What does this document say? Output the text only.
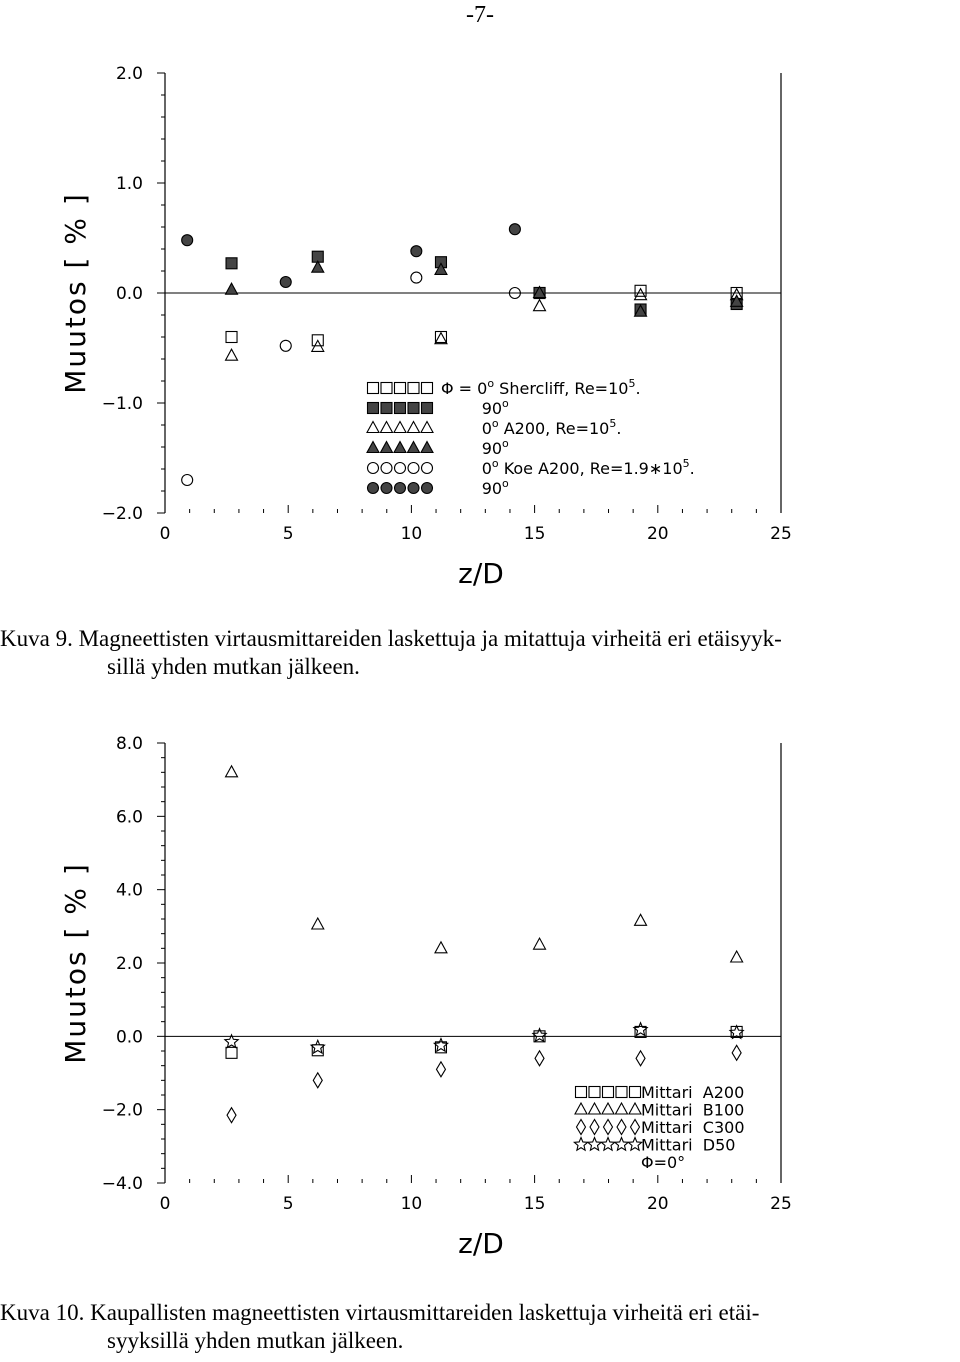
-7-
−2.0
−1.0
0.0
1.0
2.0
0	5	10	15	20	25
z/D
Muutos [ % ]	$\Phi = 0^o$ Shercliff, $Re=10^5$.
90$^o$
0$^o$ A200, $Re=10^5$.
90$^o$
0$^o$ Koe A200, $Re=1.9∗10^5$.
90$^o$
Kuva 9. Magneettisten virtausmittareiden laskettuja ja mitattuja virheitä eri etäisyyk-
sillä yhden mutkan jälkeen.
−4.0
−2.0
0.0
2.0
4.0
6.0
8.0
0	5	10	15	20	25
z/D
Muutos [ % ]
Mittari  A200
Mittari  B100
Mittari  C300
Mittari  D50
Φ=0°
Kuva 10. Kaupallisten magneettisten virtausmittareiden laskettuja virheitä eri etäi-
syyksillä yhden mutkan jälkeen.
